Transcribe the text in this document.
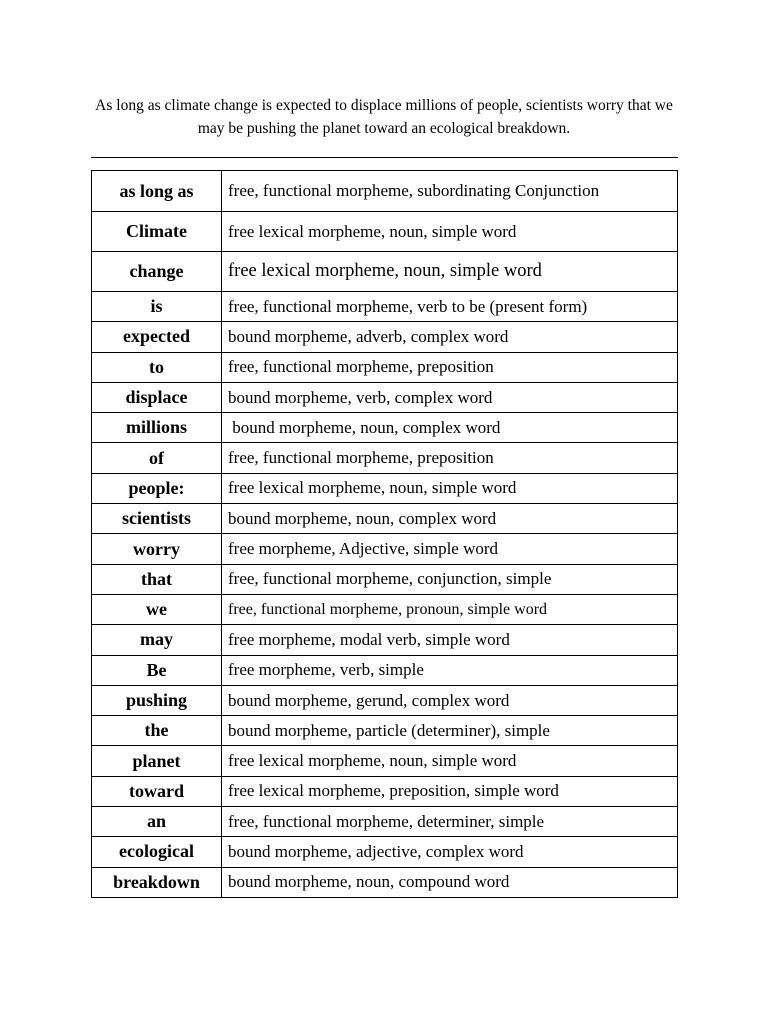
As long as climate change is expected to displace millions of people, scientists worry that we may be pushing the planet toward an ecological breakdown.

as long as	free, functional morpheme, subordinating Conjunction
Climate	free lexical morpheme, noun, simple word
change	free lexical morpheme, noun, simple word
is	free, functional morpheme, verb to be (present form)
expected	bound morpheme, adverb, complex word
to	free, functional morpheme, preposition
displace	bound morpheme, verb, complex word
millions	bound morpheme, noun, complex word
of	free, functional morpheme, preposition
people:	free lexical morpheme, noun, simple word
scientists	bound morpheme, noun, complex word
worry	free morpheme, Adjective, simple word
that	free, functional morpheme, conjunction, simple
we	free, functional morpheme, pronoun, simple word
may	free morpheme, modal verb, simple word
Be	free morpheme, verb, simple
pushing	bound morpheme, gerund, complex word
the	bound morpheme, particle (determiner), simple
planet	free lexical morpheme, noun, simple word
toward	free lexical morpheme, preposition, simple word
an	free, functional morpheme, determiner, simple
ecological	bound morpheme, adjective, complex word
breakdown	bound morpheme, noun, compound word
